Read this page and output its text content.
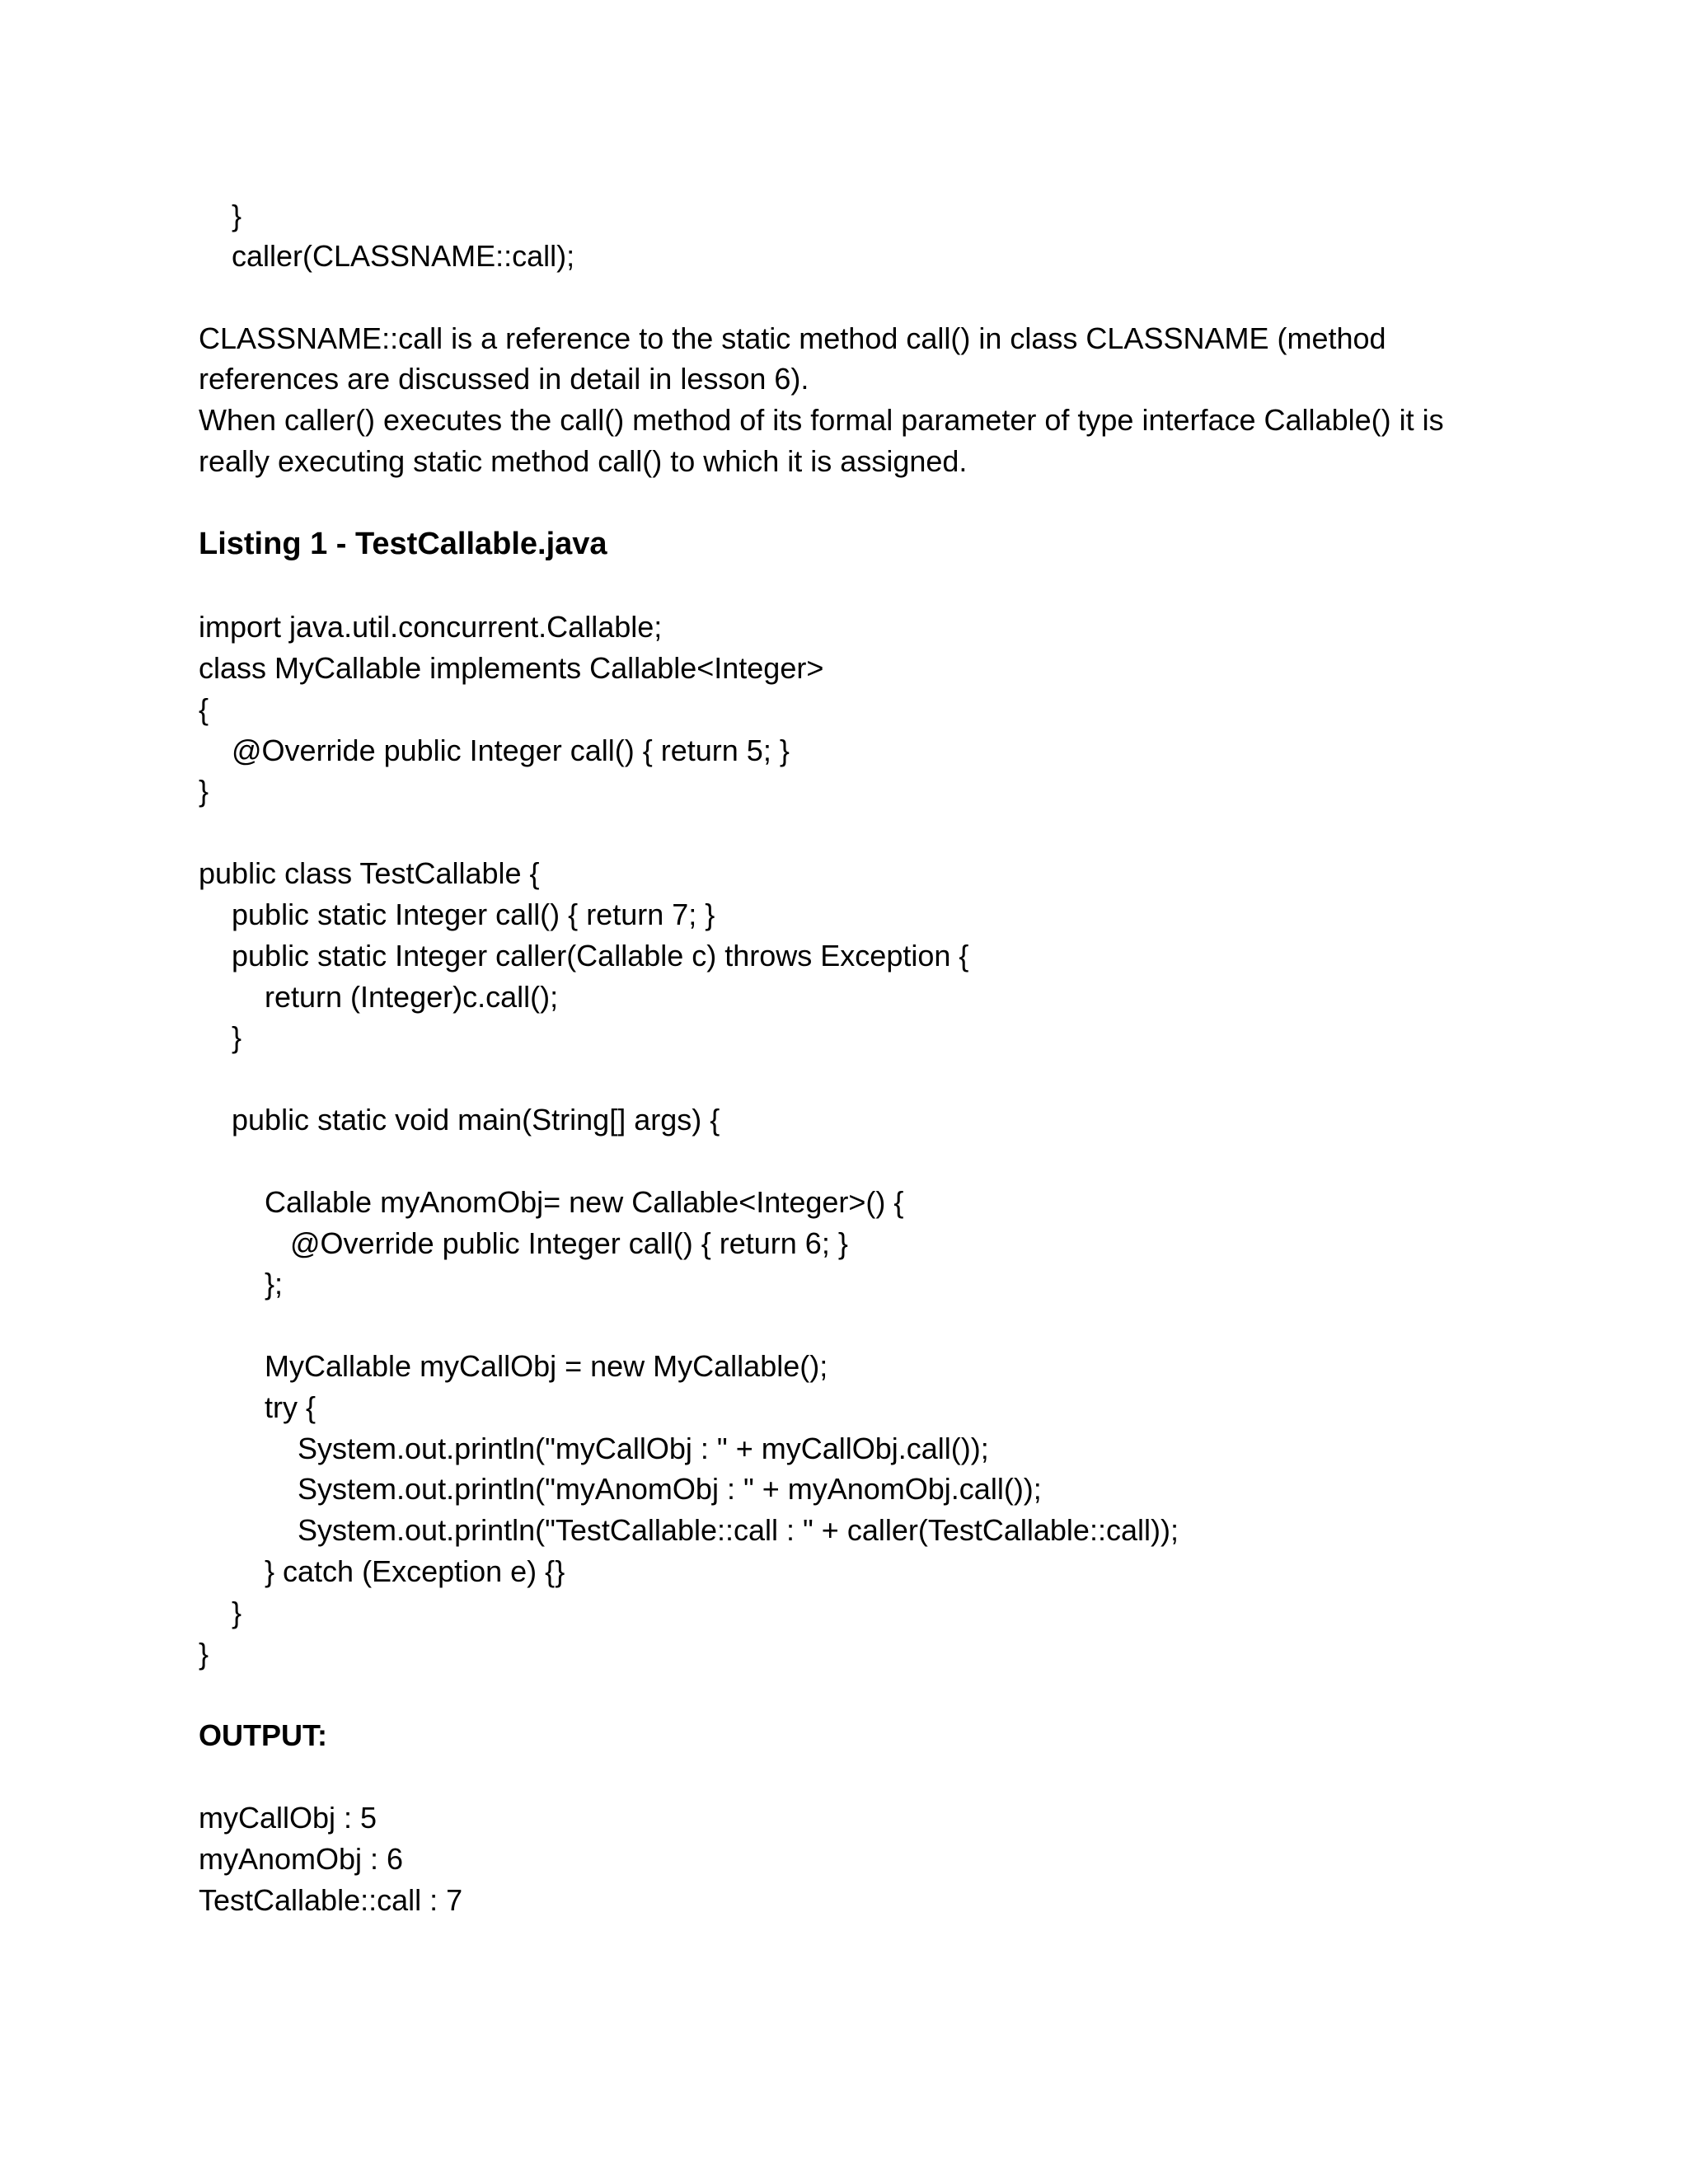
}
caller(CLASSNAME::call);
CLASSNAME::call is a reference to the static method call() in class CLASSNAME (method
references are discussed in detail in lesson 6).
When caller() executes the call() method of its formal parameter of type interface Callable() it is
really executing static method call() to which it is assigned.
Listing 1 - TestCallable.java
import java.util.concurrent.Callable;
class MyCallable implements Callable<Integer>
{
@Override public Integer call() { return 5; }
}
public class TestCallable {
public static Integer call() { return 7; }
public static Integer caller(Callable c) throws Exception {
return (Integer)c.call();
}
public static void main(String[] args) {
Callable myAnomObj= new Callable<Integer>() {
@Override public Integer call() { return 6; }
};
MyCallable myCallObj = new MyCallable();
try {
System.out.println("myCallObj : " + myCallObj.call());
System.out.println("myAnomObj : " + myAnomObj.call());
System.out.println("TestCallable::call : " + caller(TestCallable::call));
} catch (Exception e) {}
}
}
OUTPUT:
myCallObj : 5
myAnomObj : 6
TestCallable::call : 7
